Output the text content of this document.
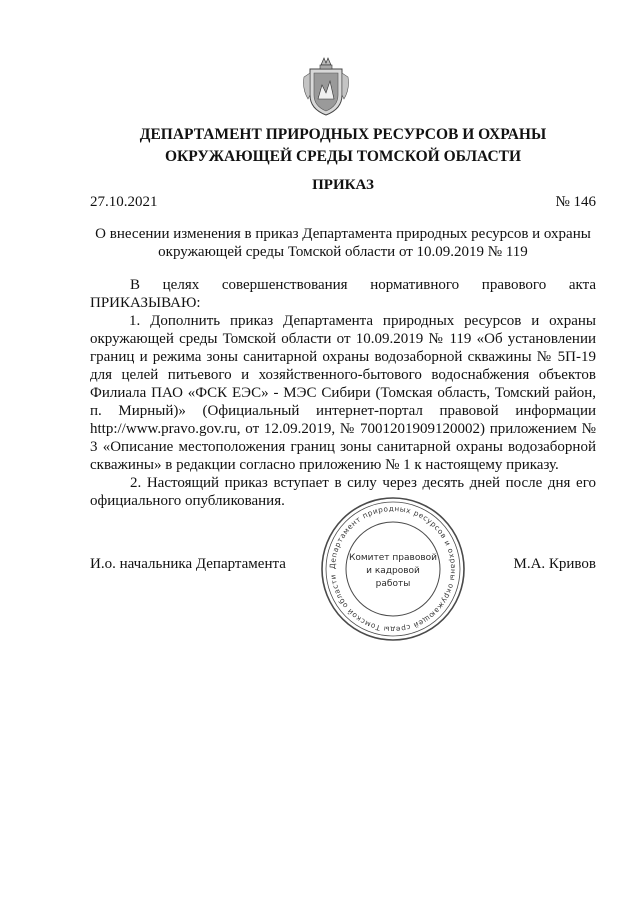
ДЕПАРТАМЕНТ ПРИРОДНЫХ РЕСУРСОВ И ОХРАНЫ
ОКРУЖАЮЩЕЙ СРЕДЫ ТОМСКОЙ ОБЛАСТИ
ПРИКАЗ
27.10.2021	№ 146
О внесении изменения в приказ Департамента природных ресурсов и охраны
окружающей среды Томской области от 10.09.2019 № 119

В целях совершенствования нормативного правового акта ПРИКАЗЫВАЮ:

1. Дополнить приказ Департамента природных ресурсов и охраны окружающей среды Томской области от 10.09.2019 № 119 «Об установлении границ и режима зоны санитарной охраны водозаборной скважины № 5П-19 для целей питьевого и хозяйственного-бытового водоснабжения объектов Филиала ПАО «ФСК ЕЭС» - МЭС Сибири (Томская область, Томский район, п. Мирный)» (Официальный интернет-портал правовой информации http://www.pravo.gov.ru, от 12.09.2019, № 7001201909120002) приложением № 3 «Описание местоположения границ зоны санитарной охраны водозаборной скважины» в редакции согласно приложению № 1 к настоящему приказу.

2. Настоящий приказ вступает в силу через десять дней после дня его официального опубликования.

И.о. начальника Департамента	М.А. Кривов
Департамент природных ресурсов и охраны окружающей среды Томской области
Комитет правовой
и кадровой
работы
